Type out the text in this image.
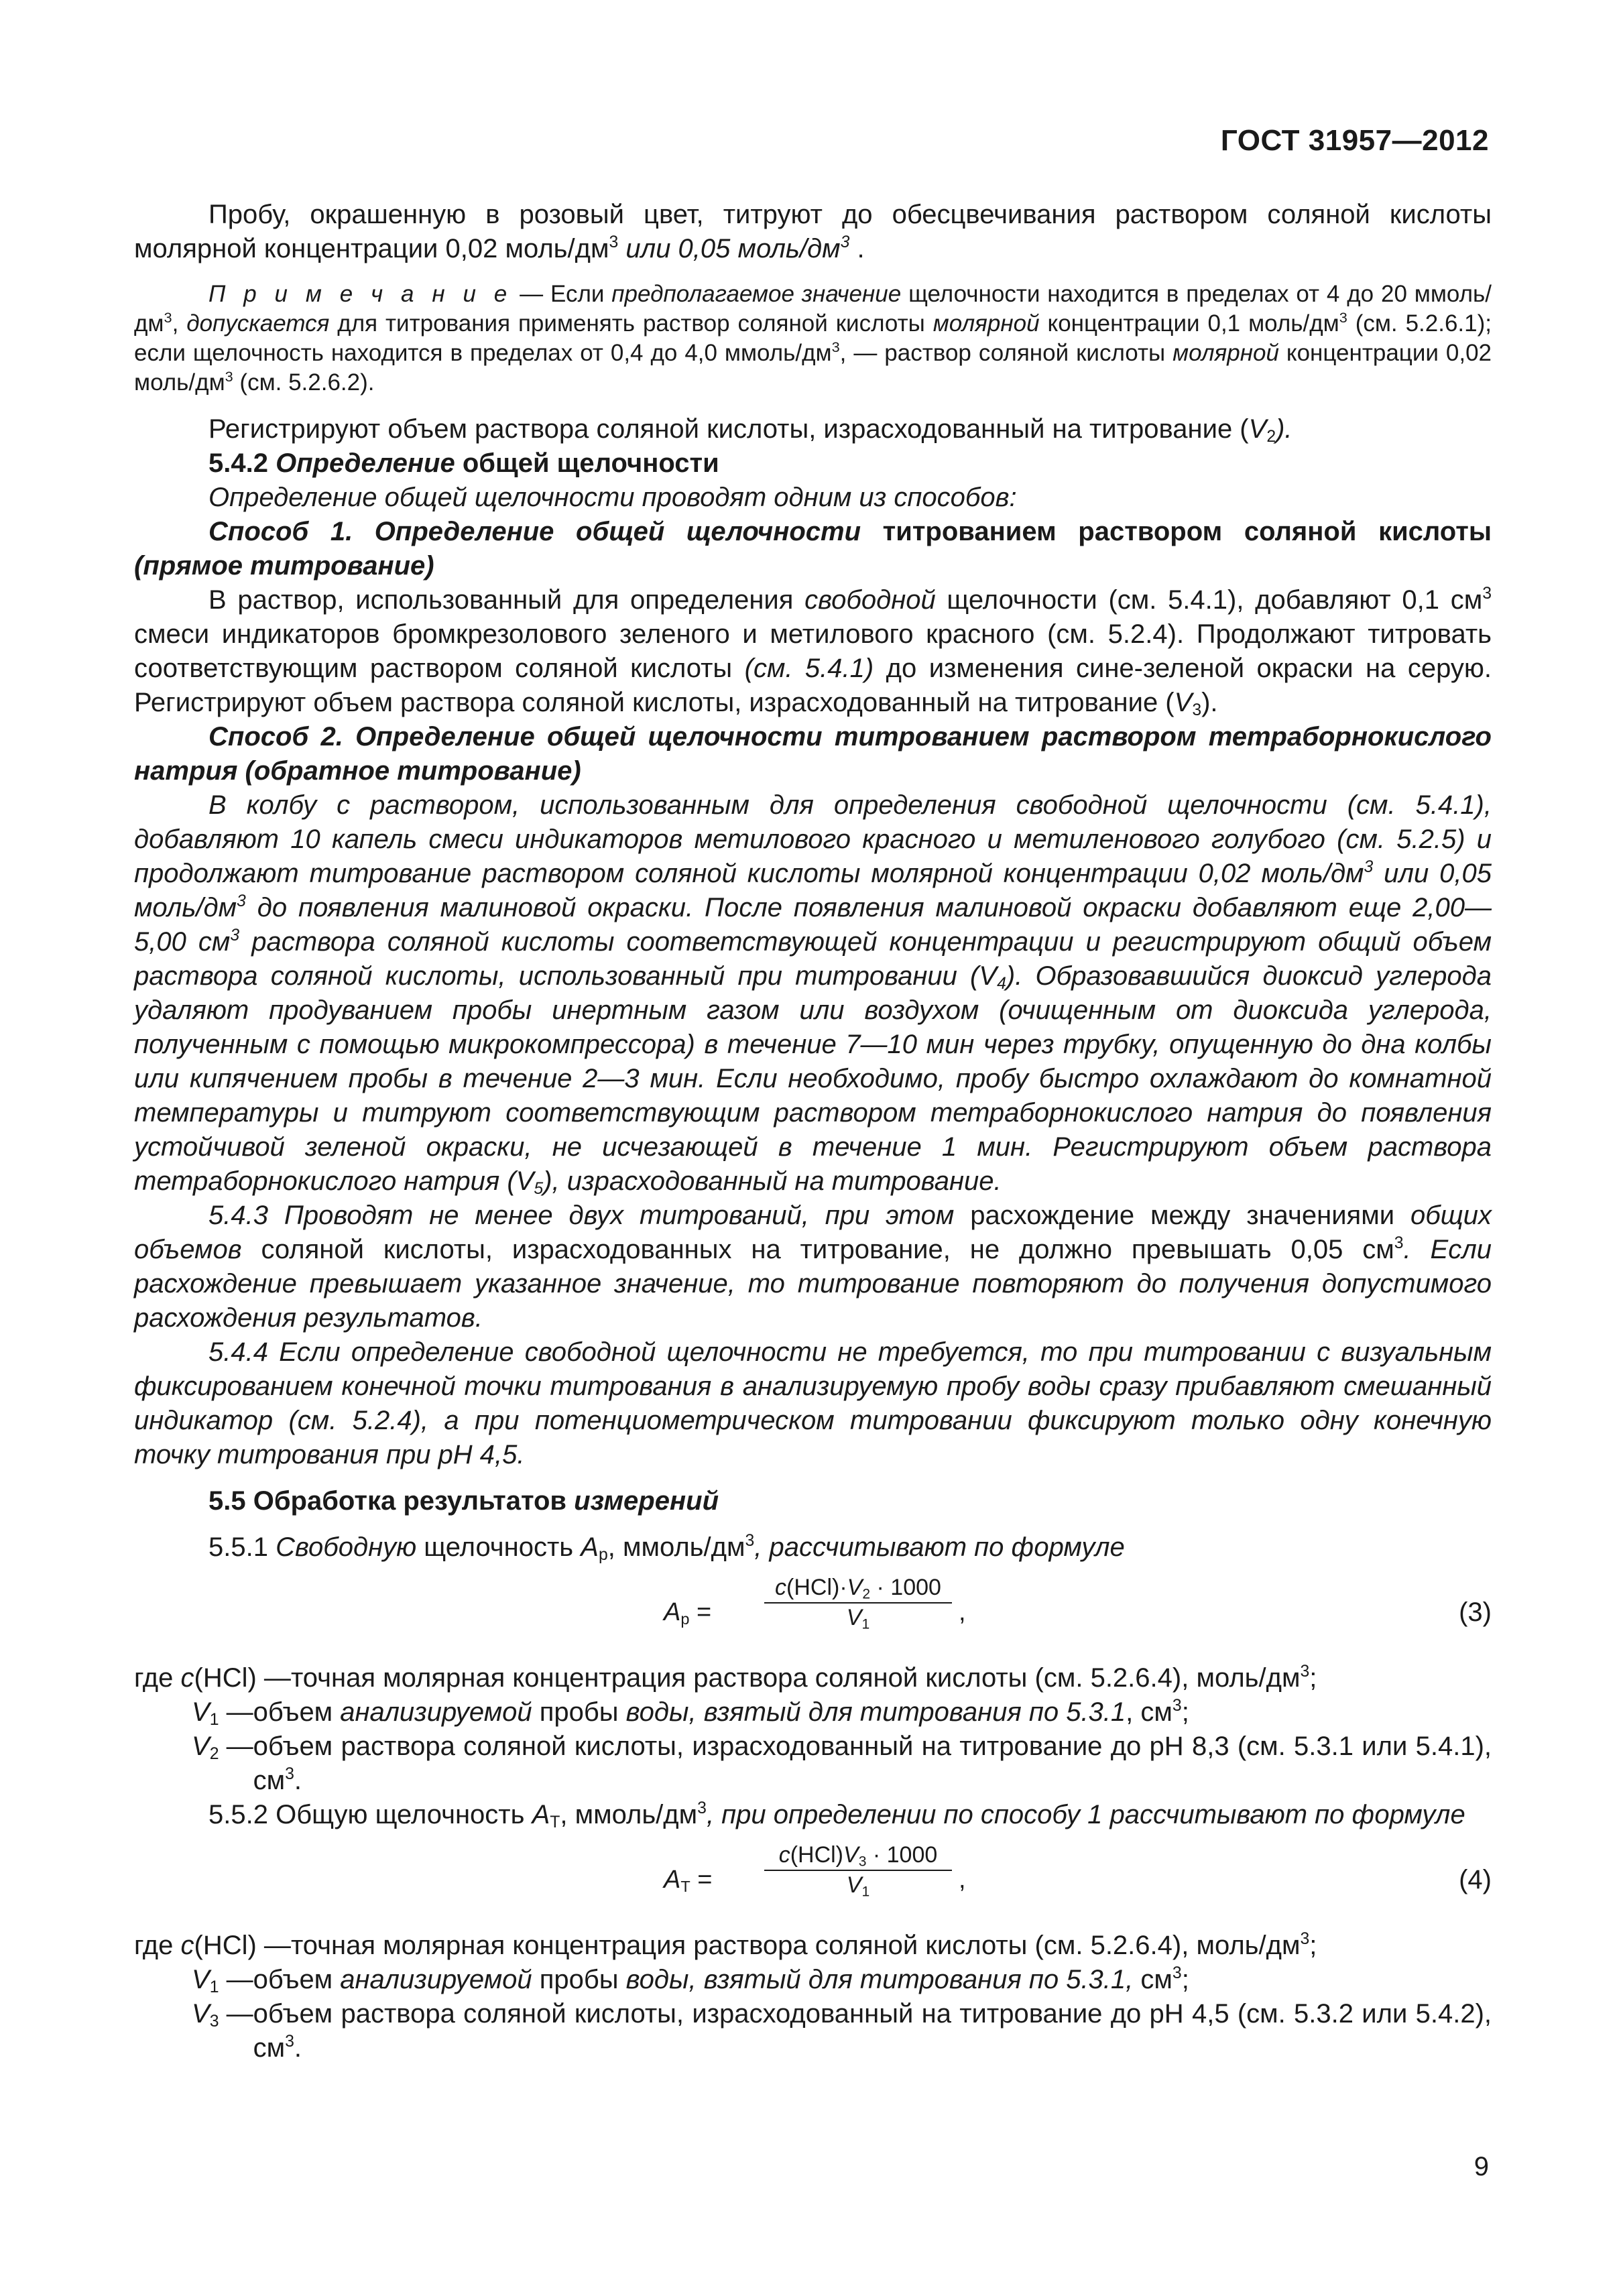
ГОСТ 31957—2012

Пробу, окрашенную в розовый цвет, титруют до обесцвечивания раствором соляной кислоты молярной концентрации 0,02 моль/$дм^3$ или 0,05 моль/$дм^3$ .

П р и м е ч а н и е — Если предполагаемое значение щелочности находится в пределах от 4 до 20 ммоль/$дм^3$, допускается для титрования применять раствор соляной кислоты молярной концентрации 0,1 моль/$дм^3$ (см. 5.2.6.1); если щелочность находится в пределах от 0,4 до 4,0 ммоль/$дм^3$, — раствор соляной кислоты молярной концентрации 0,02 моль/$дм^3$ (см. 5.2.6.2).

Регистрируют объем раствора соляной кислоты, израсходованный на титрование $(V_2)$.

5.4.2 Определение общей щелочности

Определение общей щелочности проводят одним из способов:

Способ 1. Определение общей щелочности титрованием раствором соляной кислоты (прямое титрование)

В раствор, использованный для определения свободной щелочности (см. 5.4.1), добавляют 0,1 $см^3$ смеси индикаторов бромкрезолового зеленого и метилового красного (см. 5.2.4). Продолжают титровать соответствующим раствором соляной кислоты (см. 5.4.1) до изменения сине-зеленой окраски на серую. Регистрируют объем раствора соляной кислоты, израсходованный на титрование $(V_3)$.

Способ 2. Определение общей щелочности титрованием раствором тетраборнокислого натрия (обратное титрование)

В колбу с раствором, использованным для определения свободной щелочности (см. 5.4.1), добавляют 10 капель смеси индикаторов метилового красного и метиленового голубого (см. 5.2.5) и продолжают титрование раствором соляной кислоты молярной концентрации 0,02 моль/$дм^3$ или 0,05 моль/$дм^3$ до появления малиновой окраски. После появления малиновой окраски добавляют еще 2,00—5,00 $см^3$ раствора соляной кислоты соответствующей концентрации и регистрируют общий объем раствора соляной кислоты, использованный при титровании $(V_4)$. Образовавшийся диоксид углерода удаляют продуванием пробы инертным газом или воздухом (очищенным от диоксида углерода, полученным с помощью микрокомпрессора) в течение 7—10 мин через трубку, опущенную до дна колбы или кипячением пробы в течение 2—3 мин. Если необходимо, пробу быстро охлаждают до комнатной температуры и титруют соответствующим раствором тетраборнокислого натрия до появления устойчивой зеленой окраски, не исчезающей в течение 1 мин. Регистрируют объем раствора тетраборнокислого натрия $(V_5)$, израсходованный на титрование.

5.4.3 Проводят не менее двух титрований, при этом расхождение между значениями общих объемов соляной кислоты, израсходованных на титрование, не должно превышать 0,05 $см^3$. Если расхождение превышает указанное значение, то титрование повторяют до получения допустимого расхождения результатов.

5.4.4 Если определение свободной щелочности не требуется, то при титровании с визуальным фиксированием конечной точки титрования в анализируемую пробу воды сразу прибавляют смешанный индикатор (см. 5.2.4), а при потенциометрическом титровании фиксируют только одну конечную точку титрования при pH 4,5.

5.5 Обработка результатов измерений

5.5.1 Свободную щелочность $A_p$, ммоль/$дм^3$, рассчитывают по формуле

$A_p$ =
$c(HCl)\cdot V_2 \cdot 1000$
$V_1$	,	(3)
где c(HCl) — точная молярная концентрация раствора соляной кислоты (см. 5.2.6.4), моль/$дм^3$;
$V_1$ — объем анализируемой пробы воды, взятый для титрования по 5.3.1, $см^3$;
$V_2$ — объем раствора соляной кислоты, израсходованный на титрование до pH 8,3 (см. 5.3.1 или 5.4.1), $см^3$.

5.5.2 Общую щелочность $A_T$, ммоль/$дм^3$, при определении по способу 1 рассчитывают по формуле

$A_T$ =
$c(HCl)V_3 \cdot 1000$
$V_1$	,	(4)
где c(HCl) — точная молярная концентрация раствора соляной кислоты (см. 5.2.6.4), моль/$дм^3$;
$V_1$ — объем анализируемой пробы воды, взятый для титрования по 5.3.1, $см^3$;
$V_3$ — объем раствора соляной кислоты, израсходованный на титрование до pH 4,5 (см. 5.3.2 или 5.4.2), $см^3$.
9
